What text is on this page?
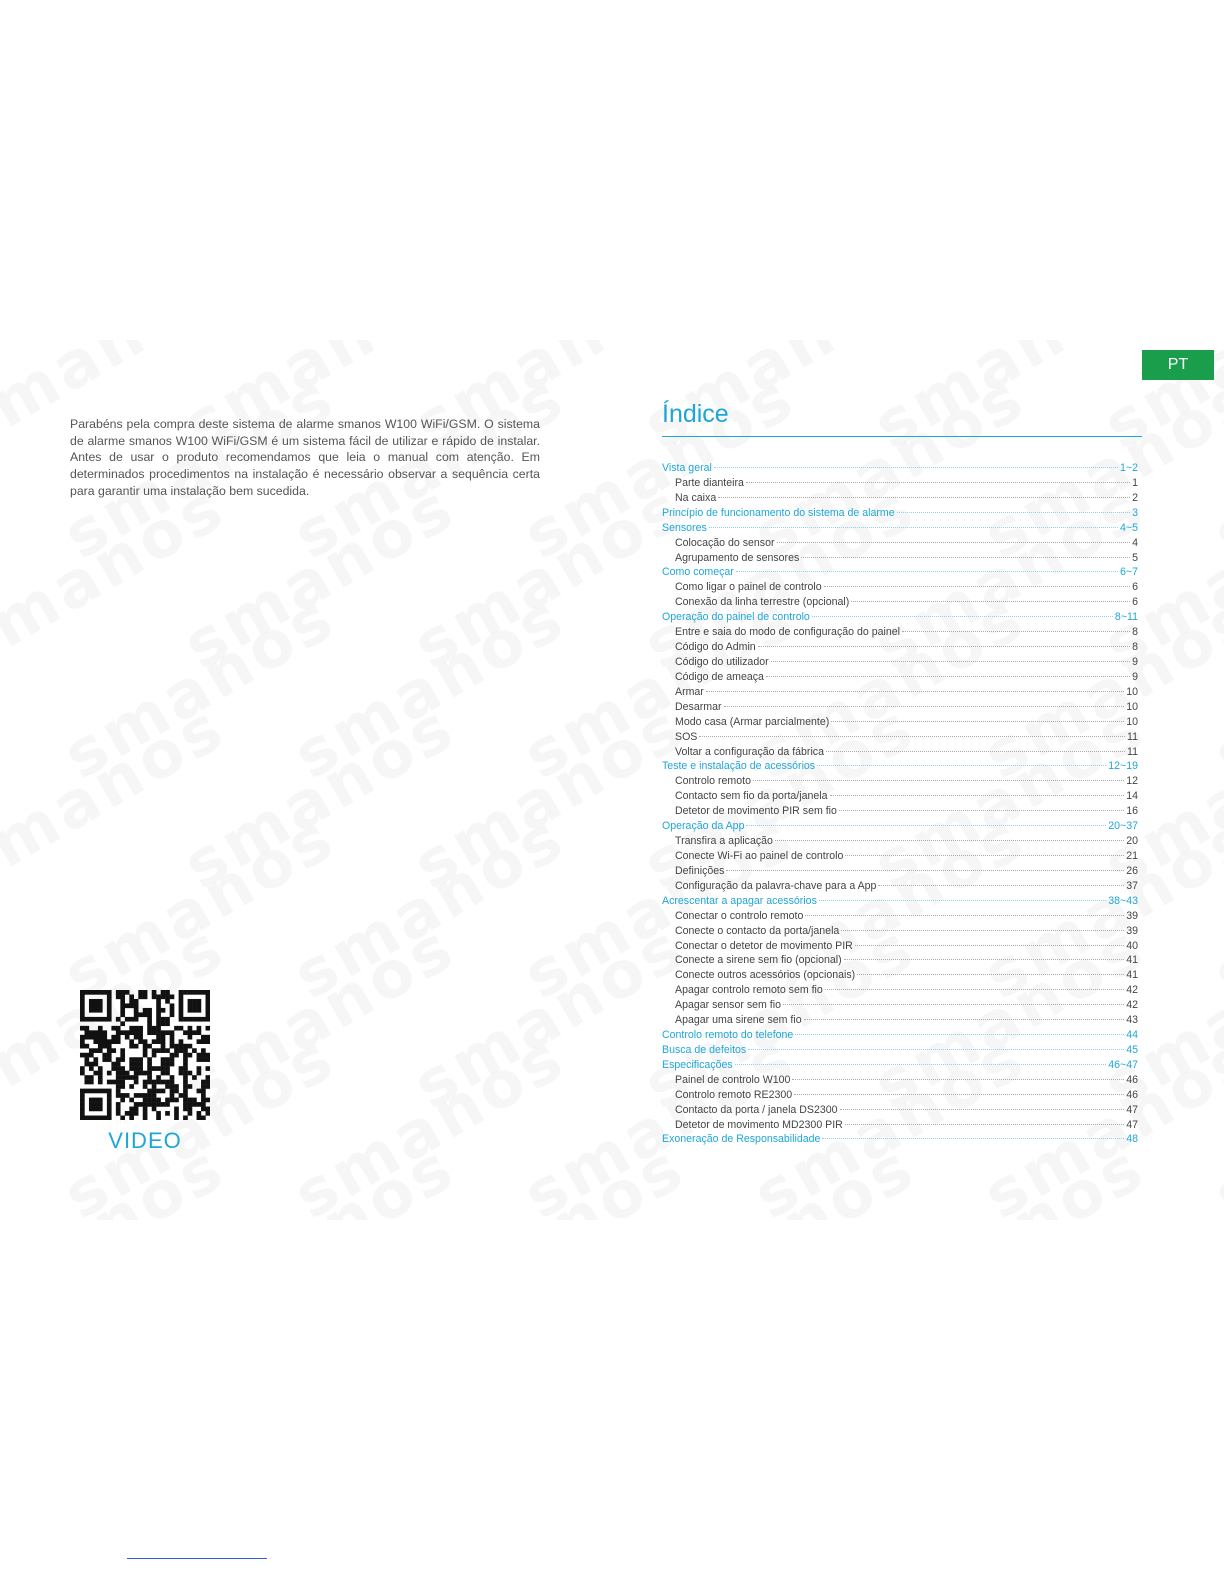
PT

Parabéns pela compra deste sistema de alarme smanos W100 WiFi/GSM. O sistema de alarme smanos W100 WiFi/GSM é um sistema fácil de utilizar e rápido de instalar. Antes de usar o produto recomendamos que leia o manual com atenção. Em determinados procedimentos na instalação é necessário observar a sequência certa para garantir uma instalação bem sucedida.

VIDEO
Índice
Vista geral	1~2
Parte dianteira	1
Na caixa	2
Princípio de funcionamento do sistema de alarme	3
Sensores	4~5
Colocação do sensor	4
Agrupamento de sensores	5
Como começar	6~7
Como ligar o painel de controlo	6
Conexão da linha terrestre (opcional)	6
Operação do painel de controlo	8~11
Entre e saia do modo de configuração do painel	8
Código do Admin	8
Código do utilizador	9
Código de ameaça	9
Armar	10
Desarmar	10
Modo casa (Armar parcialmente)	10
SOS	11
Voltar a configuração da fábrica	11
Teste e instalação de acessórios	12~19
Controlo remoto	12
Contacto sem fio da porta/janela	14
Detetor de movimento PIR sem fio	16
Operação da App	20~37
Transfira a aplicação	20
Conecte Wi-Fi ao painel de controlo	21
Definições	26
Configuração da palavra-chave para a App	37
Acrescentar a apagar acessórios	38~43
Conectar o controlo remoto	39
Conecte o contacto da porta/janela	39
Conectar o detetor de movimento PIR	40
Conecte a sirene sem fio (opcional)	41
Conecte outros acessórios (opcionais)	41
Apagar controlo remoto sem fio	42
Apagar sensor sem fio	42
Apagar uma sirene sem fio	43
Controlo remoto do telefone	44
Busca de defeitos	45
Especificações	46~47
Painel de controlo W100	46
Controlo remoto RE2300	46
Contacto da porta / janela DS2300	47
Detetor de movimento MD2300 PIR	47
Exoneração de Responsabilidade	48
